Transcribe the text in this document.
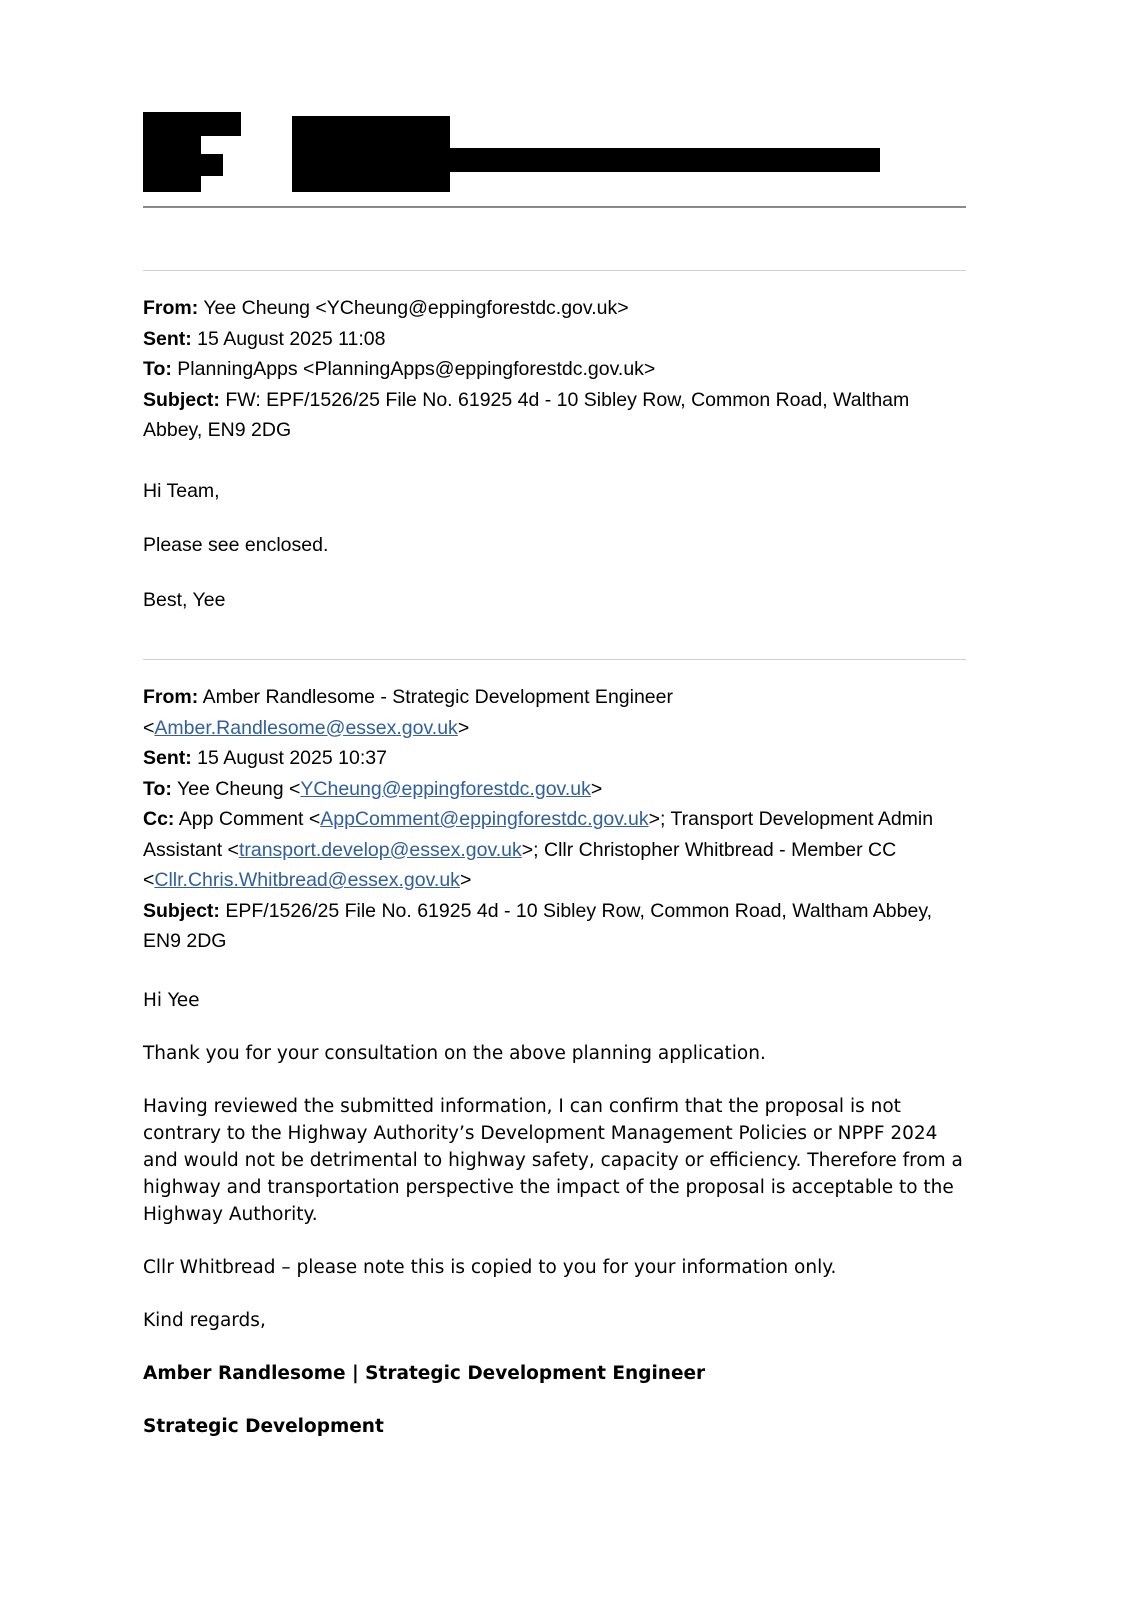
From: Yee Cheung <YCheung@eppingforestdc.gov.uk>
Sent: 15 August 2025 11:08
To: PlanningApps <PlanningApps@eppingforestdc.gov.uk>
Subject: FW: EPF/1526/25 File No. 61925 4d - 10 Sibley Row, Common Road, Waltham Abbey, EN9 2DG
Hi Team,
Please see enclosed.
Best, Yee
From: Amber Randlesome - Strategic Development Engineer
<Amber.Randlesome@essex.gov.uk>
Sent: 15 August 2025 10:37
To: Yee Cheung <YCheung@eppingforestdc.gov.uk>
Cc: App Comment <AppComment@eppingforestdc.gov.uk>; Transport Development Admin Assistant <transport.develop@essex.gov.uk>; Cllr Christopher Whitbread - Member CC <Cllr.Chris.Whitbread@essex.gov.uk>
Subject: EPF/1526/25 File No. 61925 4d - 10 Sibley Row, Common Road, Waltham Abbey, EN9 2DG

Hi Yee

Thank you for your consultation on the above planning application.

Having reviewed the submitted information, I can confirm that the proposal is not contrary to the Highway Authority’s Development Management Policies or NPPF 2024 and would not be detrimental to highway safety, capacity or efficiency. Therefore from a highway and transportation perspective the impact of the proposal is acceptable to the Highway Authority.

Cllr Whitbread – please note this is copied to you for your information only.

Kind regards,

Amber Randlesome | Strategic Development Engineer

Strategic Development
